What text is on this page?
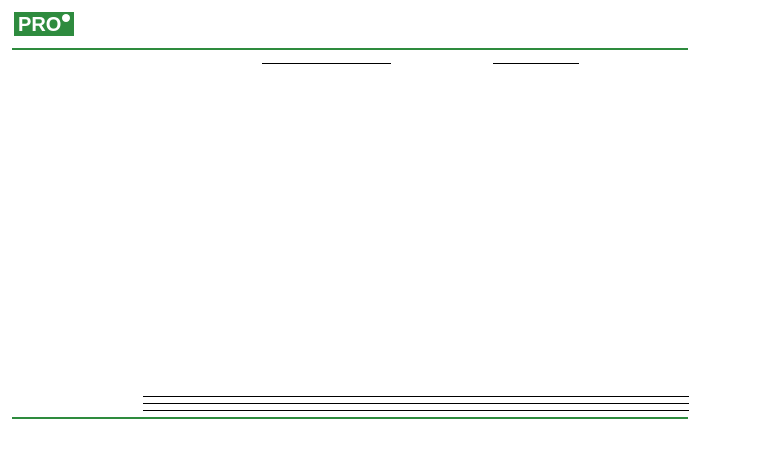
PRO
